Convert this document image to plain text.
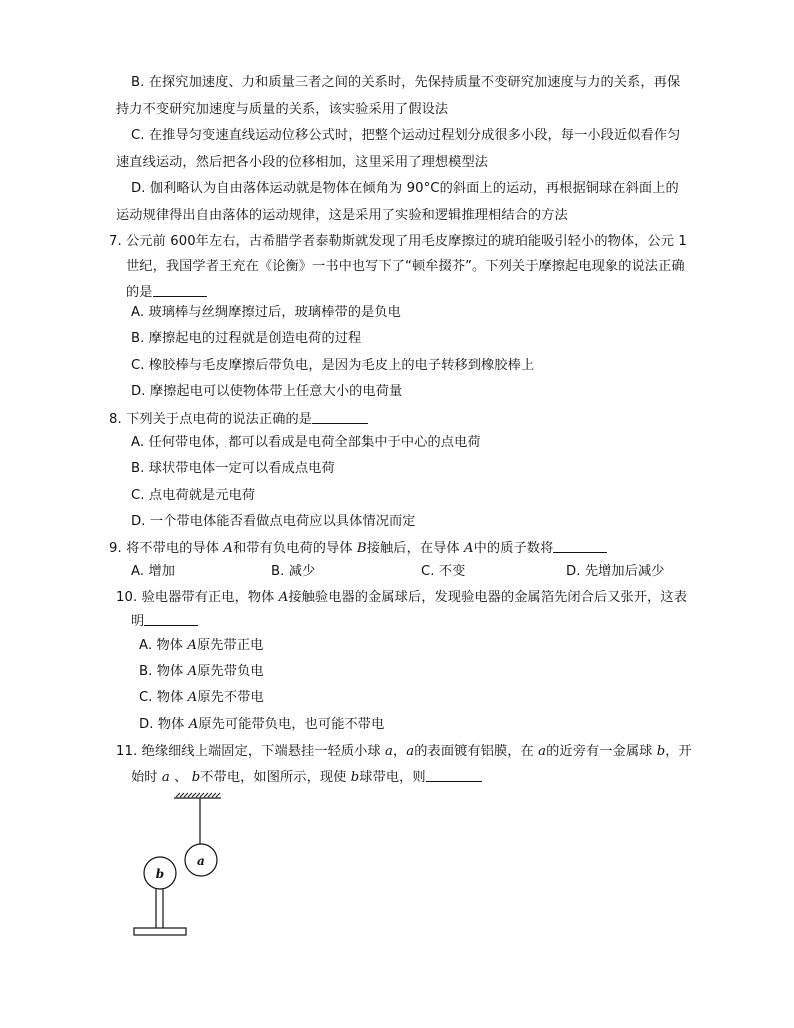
B. 在探究加速度、力和质量三者之间的关系时，先保持质量不变研究加速度与力的关系，再保
持力不变研究加速度与质量的关系，该实验采用了假设法
C. 在推导匀变速直线运动位移公式时，把整个运动过程划分成很多小段，每一小段近似看作匀
速直线运动，然后把各小段的位移相加，这里采用了理想模型法
D. 伽利略认为自由落体运动就是物体在倾角为 90°C的斜面上的运动，再根据铜球在斜面上的
运动规律得出自由落体的运动规律，这是采用了实验和逻辑推理相结合的方法
7. 公元前 600年左右，古希腊学者泰勒斯就发现了用毛皮摩擦过的琥珀能吸引轻小的物体，公元 1
世纪，我国学者王充在《论衡》一书中也写下了“顿牟掇芥”。下列关于摩擦起电现象的说法正确
的是
A. 玻璃棒与丝绸摩擦过后，玻璃棒带的是负电
B. 摩擦起电的过程就是创造电荷的过程
C. 橡胶棒与毛皮摩擦后带负电，是因为毛皮上的电子转移到橡胶棒上
D. 摩擦起电可以使物体带上任意大小的电荷量
8. 下列关于点电荷的说法正确的是
A. 任何带电体，都可以看成是电荷全部集中于中心的点电荷
B. 球状带电体一定可以看成点电荷
C. 点电荷就是元电荷
D. 一个带电体能否看做点电荷应以具体情况而定
9. 将不带电的导体 A和带有负电荷的导体 B接触后，在导体 A中的质子数将
A. 增加	B. 减少	C. 不变	D. 先增加后减少
10. 验电器带有正电，物体 A接触验电器的金属球后，发现验电器的金属箔先闭合后又张开，这表
明
A. 物体 A原先带正电
B. 物体 A原先带负电
C. 物体 A原先不带电
D. 物体 A原先可能带负电，也可能不带电
11. 绝缘细线上端固定，下端悬挂一轻质小球 a，a的表面镀有铝膜，在 a的近旁有一金属球 b，开
始时 a 、 b不带电，如图所示，现使 b球带电，则
a
b
